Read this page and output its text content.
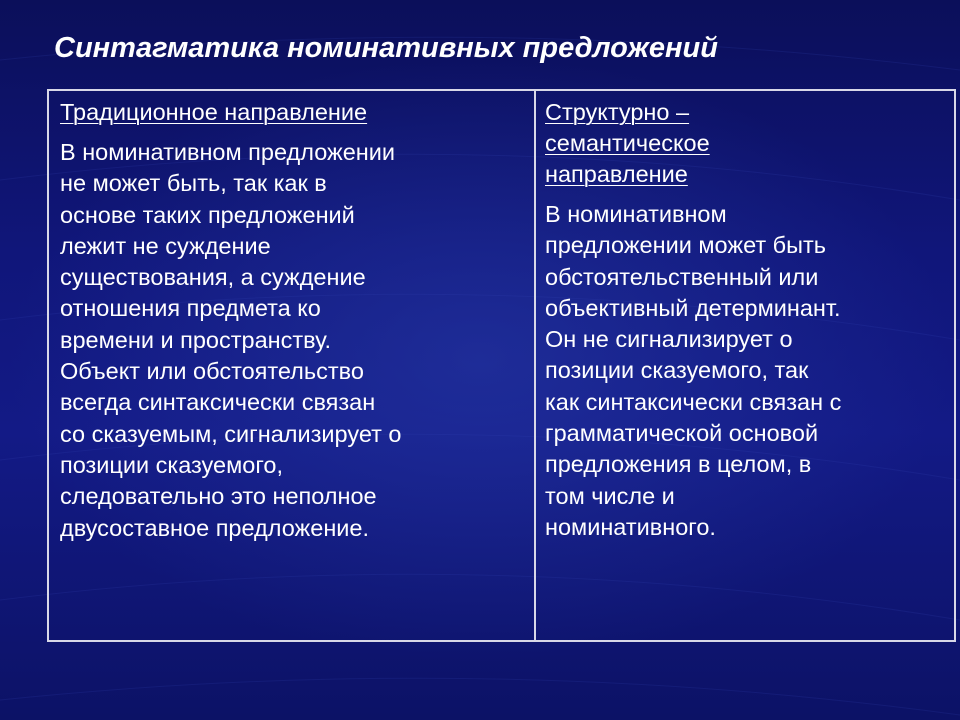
Синтагматика номинативных предложений

Традиционное направление

В номинативном предложении
не может быть, так как в
основе таких предложений
лежит не суждение
существования, а суждение
отношения предмета ко
времени и пространству.
Объект или обстоятельство
всегда синтаксически связан
со сказуемым, сигнализирует о
позиции сказуемого,
следовательно это неполное
двусоставное предложение.

Структурно –
семантическое
направление

В номинативном
предложении может быть
обстоятельственный или
объективный детерминант.
Он не сигнализирует о
позиции сказуемого, так
как синтаксически связан с
грамматической основой
предложения в целом, в
том числе и
номинативного.
